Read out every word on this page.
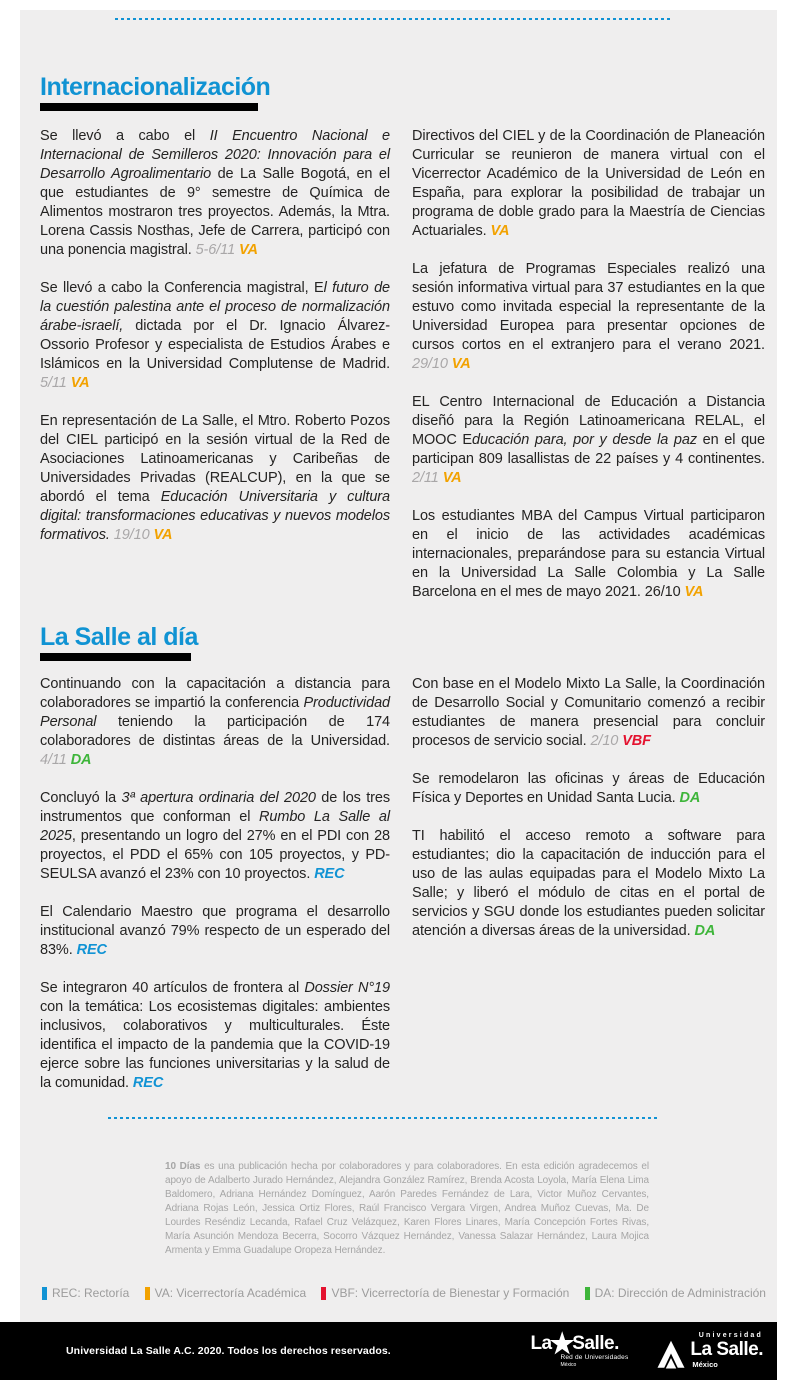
Internacionalización

Se llevó a cabo el II Encuentro Nacional e Internacional de Semilleros 2020: Innovación para el Desarrollo Agroalimentario de La Salle Bogotá, en el que estudiantes de 9° semestre de Química de Alimentos mostraron tres proyectos. Además, la Mtra. Lorena Cassis Nosthas, Jefe de Carrera, participó con una ponencia magistral. 5-6/11 VA

Se llevó a cabo la Conferencia magistral, El futuro de la cuestión palestina ante el proceso de normalización árabe-israelí, dictada por el Dr. Ignacio Álvarez-Ossorio Profesor y especialista de Estudios Árabes e Islámicos en la Universidad Complutense de Madrid. 5/11 VA

En representación de La Salle, el Mtro. Roberto Pozos del CIEL participó en la sesión virtual de la Red de Asociaciones Latinoamericanas y Caribeñas de Universidades Privadas (REALCUP), en la que se abordó el tema Educación Universitaria y cultura digital: transformaciones educativas y nuevos modelos formativos. 19/10 VA

Directivos del CIEL y de la Coordinación de Planeación Curricular se reunieron de manera virtual con el Vicerrector Académico de la Universidad de León en España, para explorar la posibilidad de trabajar un programa de doble grado para la Maestría de Ciencias Actuariales. VA

La jefatura de Programas Especiales realizó una sesión informativa virtual para 37 estudiantes en la que estuvo como invitada especial la representante de la Universidad Europea para presentar opciones de cursos cortos en el extranjero para el verano 2021. 29/10 VA

EL Centro Internacional de Educación a Distancia diseñó para la Región Latinoamericana RELAL, el MOOC Educación para, por y desde la paz en el que participan 809 lasallistas de 22 países y 4 continentes. 2/11 VA

Los estudiantes MBA del Campus Virtual participaron en el inicio de las actividades académicas internacionales, preparándose para su estancia Virtual en la Universidad La Salle Colombia y La Salle Barcelona en el mes de mayo 2021. 26/10 VA

La Salle al día

Continuando con la capacitación a distancia para colaboradores se impartió la conferencia Productividad Personal teniendo la participación de 174 colaboradores de distintas áreas de la Universidad. 4/11 DA

Concluyó la 3ª apertura ordinaria del 2020 de los tres instrumentos que conforman el Rumbo La Salle al 2025, presentando un logro del 27% en el PDI con 28 proyectos, el PDD el 65% con 105 proyectos, y PD-SEULSA avanzó el 23% con 10 proyectos. REC

El Calendario Maestro que programa el desarrollo institucional avanzó 79% respecto de un esperado del 83%. REC

Se integraron 40 artículos de frontera al Dossier N°19 con la temática: Los ecosistemas digitales: ambientes inclusivos, colaborativos y multiculturales. Éste identifica el impacto de la pandemia que la COVID-19 ejerce sobre las funciones universitarias y la salud de la comunidad. REC

Con base en el Modelo Mixto La Salle, la Coordinación de Desarrollo Social y Comunitario comenzó a recibir estudiantes de manera presencial para concluir procesos de servicio social. 2/10 VBF

Se remodelaron las oficinas y áreas de Educación Física y Deportes en Unidad Santa Lucia. DA

TI habilitó el acceso remoto a software para estudiantes; dio la capacitación de inducción para el uso de las aulas equipadas para el Modelo Mixto La Salle; y liberó el módulo de citas en el portal de servicios y SGU donde los estudiantes pueden solicitar atención a diversas áreas de la universidad. DA

10 Días es una publicación hecha por colaboradores y para colaboradores. En esta edición agradecemos el apoyo de Adalberto Jurado Hernández, Alejandra González Ramírez, Brenda Acosta Loyola, María Elena Lima Baldomero, Adriana Hernández Domínguez, Aarón Paredes Fernández de Lara, Victor Muñoz Cervantes, Adriana Rojas León, Jessica Ortiz Flores, Raúl Francisco Vergara Virgen, Andrea Muñoz Cuevas, Ma. De Lourdes Reséndiz Lecanda, Rafael Cruz Velázquez, Karen Flores Linares, María Concepción Fortes Rivas, María Asunción Mendoza Becerra, Socorro Vázquez Hernández, Vanessa Salazar Hernández, Laura Mojica Armenta y Emma Guadalupe Oropeza Hernández.
REC: Rectoría VA: Vicerrectoría Académica VBF: Vicerrectoría de Bienestar y Formación DA: Dirección de Administración
Universidad La Salle A.C. 2020. Todos los derechos reservados.	La
★
Salle.
Red de Universidades
México
Universidad
La Salle.
México
